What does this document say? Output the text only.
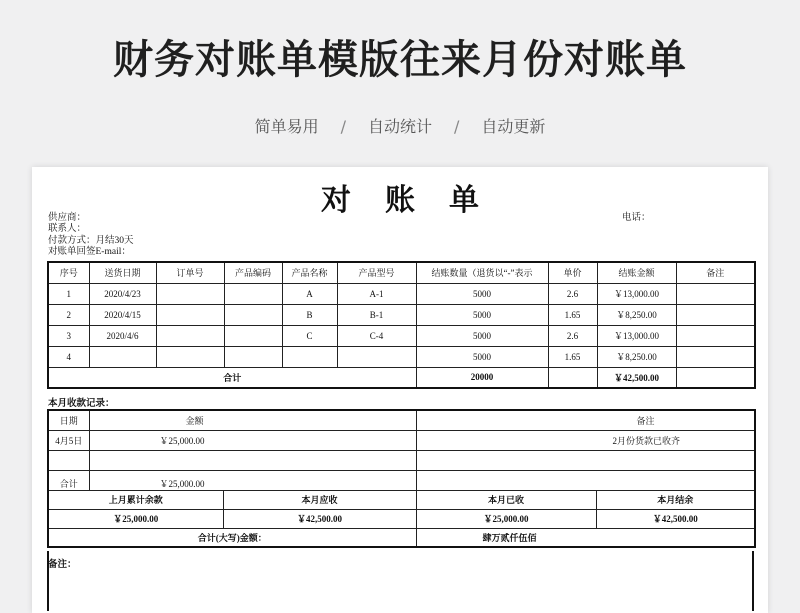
财务对账单模版往来月份对账单
简单易用 / 自动统计 / 自动更新
对账单
供应商：	电话：
联系人：
付款方式：月结30天
对账单回签E-mail：
序号	送货日期	订单号	产品编码	产品名称	产品型号	结账数量（退货以“-”表示	单价	结账金额	备注
1	2020/4/23			A	A-1	5000	2.6	￥13,000.00	
2	2020/4/15			B	B-1	5000	1.65	￥8,250.00	
3	2020/4/6			C	C-4	5000	2.6	￥13,000.00	
4						5000	1.65	￥8,250.00	
合计						20000		￥42,500.00	
本月收款记录：
日期	金额		备注	
4月5日	￥25,000.00		2月份货款已收齐	

合计	￥25,000.00			
上月累计余款		本月应收	本月已收	本月结余
￥25,000.00		￥42,500.00	￥25,000.00	￥42,500.00
合计(大写)金额：			肆万贰仟伍佰	
备注：
